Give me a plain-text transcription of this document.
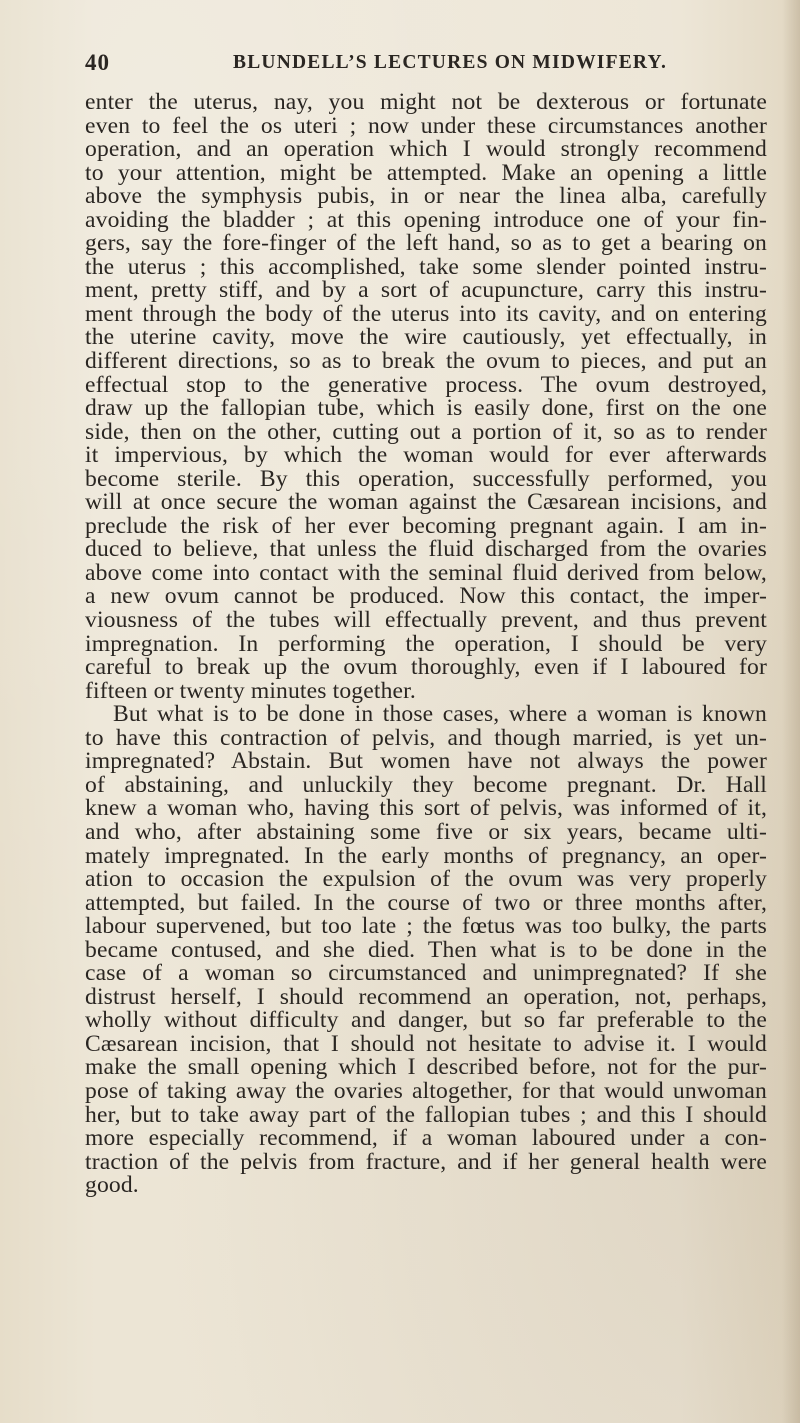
40	BLUNDELL’S LECTURES ON MIDWIFERY.

enter the uterus, nay, you might not be dexterous or fortunate

even to feel the os uteri ; now under these circumstances another

operation, and an operation which I would strongly recommend

to your attention, might be attempted. Make an opening a little

above the symphysis pubis, in or near the linea alba, carefully

avoiding the bladder ; at this opening introduce one of your fin-

gers, say the fore-finger of the left hand, so as to get a bearing on

the uterus ; this accomplished, take some slender pointed instru-

ment, pretty stiff, and by a sort of acupuncture, carry this instru-

ment through the body of the uterus into its cavity, and on entering

the uterine cavity, move the wire cautiously, yet effectually, in

different directions, so as to break the ovum to pieces, and put an

effectual stop to the generative process. The ovum destroyed,

draw up the fallopian tube, which is easily done, first on the one

side, then on the other, cutting out a portion of it, so as to render

it impervious, by which the woman would for ever afterwards

become sterile. By this operation, successfully performed, you

will at once secure the woman against the Cæsarean incisions, and

preclude the risk of her ever becoming pregnant again. I am in-

duced to believe, that unless the fluid discharged from the ovaries

above come into contact with the seminal fluid derived from below,

a new ovum cannot be produced. Now this contact, the imper-

viousness of the tubes will effectually prevent, and thus prevent

impregnation. In performing the operation, I should be very

careful to break up the ovum thoroughly, even if I laboured for

fifteen or twenty minutes together.

But what is to be done in those cases, where a woman is known

to have this contraction of pelvis, and though married, is yet un-

impregnated? Abstain. But women have not always the power

of abstaining, and unluckily they become pregnant. Dr. Hall

knew a woman who, having this sort of pelvis, was informed of it,

and who, after abstaining some five or six years, became ulti-

mately impregnated. In the early months of pregnancy, an oper-

ation to occasion the expulsion of the ovum was very properly

attempted, but failed. In the course of two or three months after,

labour supervened, but too late ; the fœtus was too bulky, the parts

became contused, and she died. Then what is to be done in the

case of a woman so circumstanced and unimpregnated? If she

distrust herself, I should recommend an operation, not, perhaps,

wholly without difficulty and danger, but so far preferable to the

Cæsarean incision, that I should not hesitate to advise it. I would

make the small opening which I described before, not for the pur-

pose of taking away the ovaries altogether, for that would unwoman

her, but to take away part of the fallopian tubes ; and this I should

more especially recommend, if a woman laboured under a con-

traction of the pelvis from fracture, and if her general health were

good.
